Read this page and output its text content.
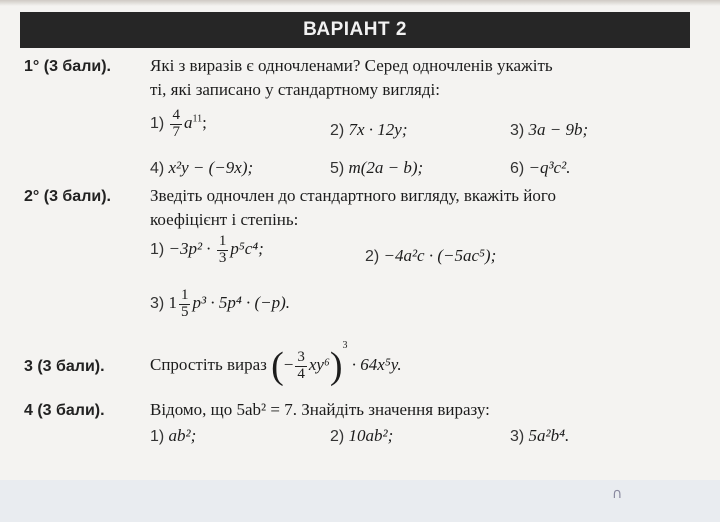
ВАРІАНТ 2
1° (3 бали). Які з виразів є одночленами? Серед одночленів укажіть
ті, які записано у стандартному вигляді:
$1) \frac{4}{7} a^{11}$;	2) 7x · 12y;	3) 3a − 9b;
4) x²y − (−9x);	5) m(2a − b);	6) −q³c².
2° (3 бали). Зведіть одночлен до стандартного вигляду, вкажіть його
коефіцієнт і степінь:
$1) -3p^2 \cdot \frac{1}{3} p^5c^4$;	2) −4a²c · (−5ac⁵);
3) $1 \frac{1}{5} p^3 \cdot 5p^4 \cdot (-p)$.
3 (3 бали).	Спростіть вираз (− $\frac{3}{4} xy^6)^3 \cdot 64x^5y$.
4 (3 бали).	Відомо, що 5ab² = 7. Знайдіть значення виразу:
1) ab²;	2) 10ab²;	3) 5a²b⁴.
∩
